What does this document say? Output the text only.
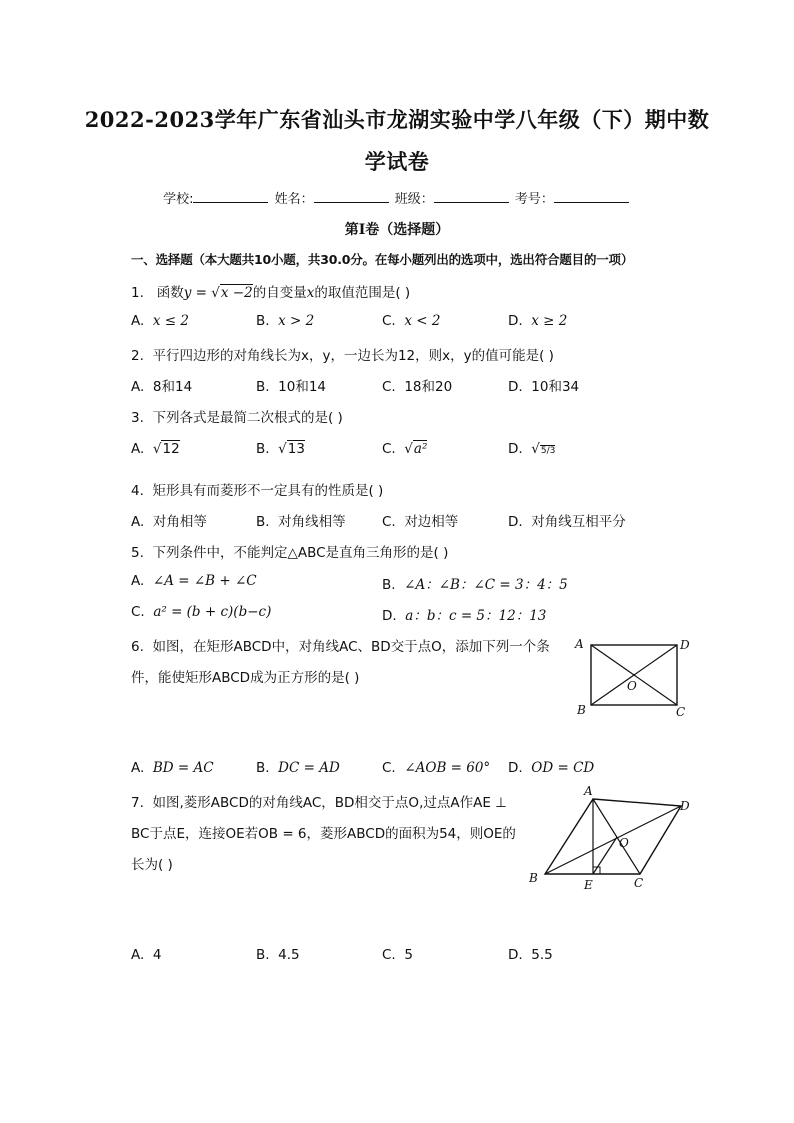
2022-2023学年广东省汕头市龙湖实验中学八年级（下）期中数
学试卷
学校:	姓名：	班级：	考号：
第I卷（选择题）
一、选择题（本大题共10小题，共30.0分。在每小题列出的选项中，选出符合题目的一项）
1. 函数y = √x −2的自变量x的取值范围是( )
A. x ≤ 2	B. x > 2	C. x < 2	D. x ≥ 2
2. 平行四边形的对角线长为x，y，一边长为12，则x，y的值可能是( )
A. 8和14	B. 10和14	C. 18和20	D. 10和34
3. 下列各式是最简二次根式的是( )
A.  √12	B.  √13	C.  √a²	D.  √5/3
4. 矩形具有而菱形不一定具有的性质是( )
A. 对角相等	B. 对角线相等	C. 对边相等	D. 对角线互相平分
5. 下列条件中，不能判定△ABC是直角三角形的是( )
A. ∠A = ∠B + ∠C	B. ∠A：∠B：∠C = 3：4：5
C. a² = (b + c)(b−c)	D. a：b：c = 5：12：13
6. 如图，在矩形ABCD中，对角线AC、BD交于点O，添加下列一个条
件，能使矩形ABCD成为正方形的是( )
A	D
O
B	C
A. BD = AC	B. DC = AD	C. ∠AOB = 60° D. OD = CD
7. 如图,菱形ABCD的对角线AC，BD相交于点O,过点A作AE ⊥
BC于点E，连接OE若OB = 6，菱形ABCD的面积为54，则OE的
长为( )
A
D
O
B	E	C
A. 4	B. 4.5	C. 5	D. 5.5
